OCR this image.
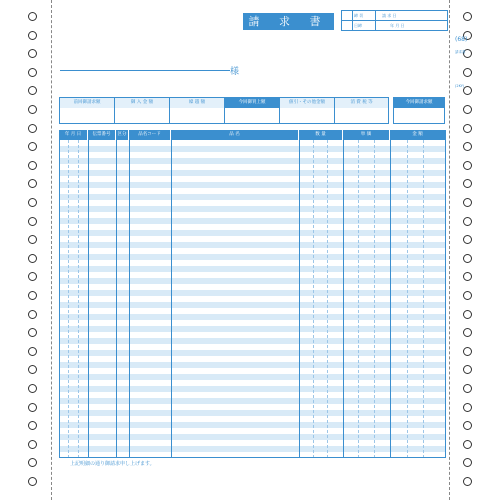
請 求 書	締 切	請 求 日
日締	年 月 日
様
前回御請求額	御 入 金 額	繰 越 額	今回御買上額	値引・その他金額	消 費 税 等	今回御請求額
年 月 日	伝票番号	区分	品名コード	品 名	数 量	単 価	金 額
上記明細の通り御請求申し上げます。
(68)
請求書
(2KY)
